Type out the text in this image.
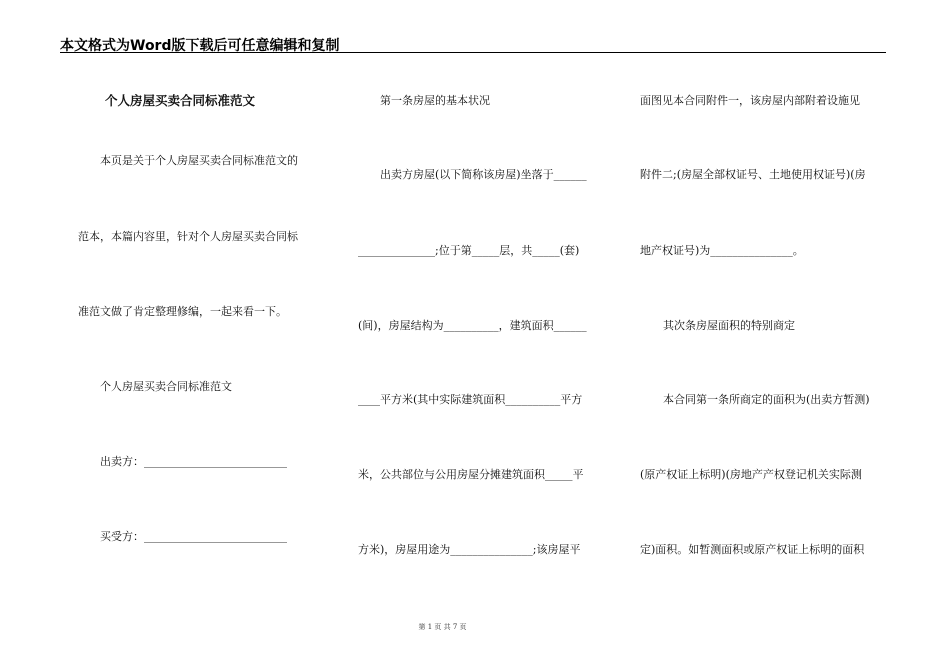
本文格式为Word版下载后可任意编辑和复制
个人房屋买卖合同标准范文
本页是关于个人房屋买卖合同标准范文的
范本，本篇内容里，针对个人房屋买卖合同标
准范文做了肯定整理修编，一起来看一下。
个人房屋买卖合同标准范文
出卖方：__________________________
买受方：__________________________
第一条房屋的基本状况
出卖方房屋(以下简称该房屋)坐落于______
______________;位于第_____层，共_____(套)
(间)，房屋结构为__________，建筑面积______
____平方米(其中实际建筑面积__________平方
米，公共部位与公用房屋分摊建筑面积_____平
方米)，房屋用途为_______________;该房屋平
面图见本合同附件一，该房屋内部附着设施见
附件二;(房屋全部权证号、土地使用权证号)(房
地产权证号)为_______________。
其次条房屋面积的特别商定
本合同第一条所商定的面积为(出卖方暂测)
(原产权证上标明)(房地产产权登记机关实际测
定)面积。如暂测面积或原产权证上标明的面积
第 1 页 共 7 页
